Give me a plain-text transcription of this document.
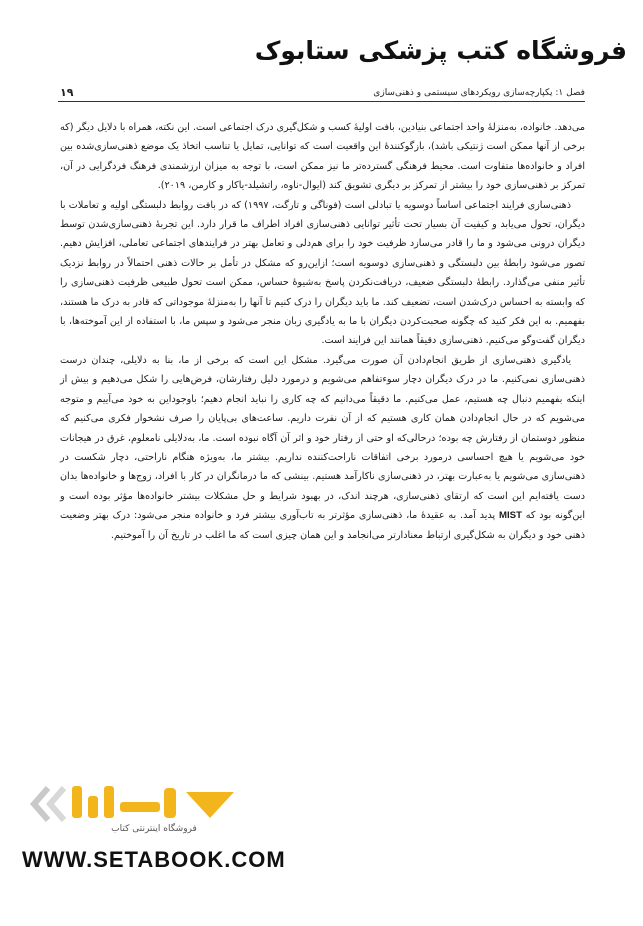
فروشگاه کتب پزشکی ستابوک
فصل ۱: یکپارچه‌سازی رویکردهای سیستمی و ذهنی‌سازی
۱۹

می‌دهد. خانواده، به‌منزلهٔ واحد اجتماعی بنیادین، بافت اولیهٔ کسب و شکل‌گیری درک اجتماعی است. این نکته، همراه با دلایل دیگر (که برخی از آنها ممکن است ژنتیکی باشد)، بازگوکنندهٔ این واقعیت است که توانایی، تمایل یا تناسب اتخاذ یک موضع ذهنی‌سازی‌شده بین افراد و خانواده‌ها متفاوت است. محیط فرهنگی گسترده‌تر ما نیز ممکن است، با توجه به میزان ارزشمندی فرهنگ فردگرایی در آن، تمرکز بر ذهنی‌سازی خود را بیشتر از تمرکز بر دیگری تشویق کند (ایوال-ناوه، راتشیلد-یاکار و کارمن، ۲۰۱۹).

ذهنی‌سازی فرایند اجتماعی اساساً دوسویه یا تبادلی است (فوناگی و تارگت، ۱۹۹۷) که در بافت روابط دلبستگی اولیه و تعاملات با دیگران، تحول می‌یابد و کیفیت آن بسیار تحت تأثیر توانایی ذهنی‌سازی افراد اطراف ما قرار دارد. این تجربهٔ ذهنی‌سازی‌شدن توسط دیگران درونی می‌شود و ما را قادر می‌سازد ظرفیت خود را برای هم‌دلی و تعامل بهتر در فرایندهای اجتماعی تعاملی، افزایش دهیم. تصور می‌شود رابطهٔ بین دلبستگی و ذهنی‌سازی دوسویه است؛ ازاین‌رو که مشکل در تأمل بر حالات ذهنی احتمالاً در روابط نزدیک تأثیر منفی می‌گذارد. رابطهٔ دلبستگی ضعیف، دریافت‌نکردن پاسخ به‌شیوهٔ حساس، ممکن است تحول طبیعی ظرفیت ذهنی‌سازی را که وابسته به احساس درک‌شدن است، تضعیف کند. ما باید دیگران را درک کنیم تا آنها را به‌منزلهٔ موجوداتی که قادر به درک ما هستند، بفهمیم. به این فکر کنید که چگونه صحبت‌کردن دیگران با ما به یادگیری زبان منجر می‌شود و سپس ما، با استفاده از این آموخته‌ها، با دیگران گفت‌وگو می‌کنیم. ذهنی‌سازی دقیقاً همانند این فرایند است.

یادگیری ذهنی‌سازی از طریق انجام‌دادن آن صورت می‌گیرد. مشکل این است که برخی از ما، بنا به دلایلی، چندان درست ذهنی‌سازی نمی‌کنیم. ما در درک دیگران دچار سوءتفاهم می‌شویم و درمورد دلیل رفتارشان، فرض‌هایی را شکل می‌دهیم و بیش از اینکه بفهمیم دنبال چه هستیم، عمل می‌کنیم. ما دقیقاً می‌دانیم که چه کاری را نباید انجام دهیم؛ باوجوداین به خود می‌آییم و متوجه می‌شویم که در حال انجام‌دادن همان کاری هستیم که از آن نفرت داریم. ساعت‌های بی‌پایان را صرف نشخوار فکری می‌کنیم که منظور دوستمان از رفتارش چه بوده؛ درحالی‌که او حتی از رفتار خود و اثر آن آگاه نبوده است. ما، به‌دلایلی نامعلوم، غرق در هیجانات خود می‌شویم یا هیچ احساسی درمورد برخی اتفاقات ناراحت‌کننده نداریم. بیشتر ما، به‌ویژه هنگام ناراحتی، دچار شکست در ذهنی‌سازی می‌شویم یا به‌عبارت بهتر، در ذهنی‌سازی ناکارآمد هستیم. بینشی که ما درمانگران در کار با افراد، زوج‌ها و خانواده‌ها بدان دست یافته‌ایم این است که ارتقای ذهنی‌سازی، هرچند اندک، در بهبود شرایط و حل مشکلات بیشتر خانواده‌ها مؤثر بوده است و این‌گونه بود که MIST پدید آمد. به عقیدهٔ ما، ذهنی‌سازی مؤثرتر به تاب‌آوری بیشتر فرد و خانواده منجر می‌شود: درک بهتر وضعیت ذهنی خود و دیگران به شکل‌گیری ارتباط معنادارتر می‌انجامد و این همان چیزی است که ما اغلب در تاریخ آن را آموختیم.

فروشگاه اینترنتی کتاب
WWW.SETABOOK.COM
